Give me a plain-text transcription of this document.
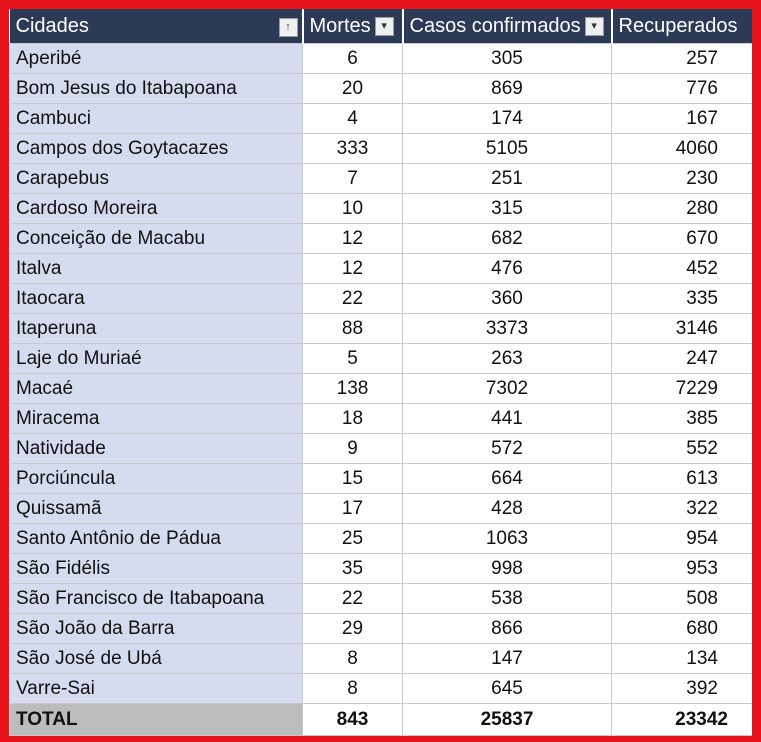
Cidades ↑	Mortes ▾	Casos confirmados ▾	Recuperados
Aperibé	6	305	257
Bom Jesus do Itabapoana	20	869	776
Cambuci	4	174	167
Campos dos Goytacazes	333	5105	4060
Carapebus	7	251	230
Cardoso Moreira	10	315	280
Conceição de Macabu	12	682	670
Italva	12	476	452
Itaocara	22	360	335
Itaperuna	88	3373	3146
Laje do Muriaé	5	263	247
Macaé	138	7302	7229
Miracema	18	441	385
Natividade	9	572	552
Porciúncula	15	664	613
Quissamã	17	428	322
Santo Antônio de Pádua	25	1063	954
São Fidélis	35	998	953
São Francisco de Itabapoana	22	538	508
São João da Barra	29	866	680
São José de Ubá	8	147	134
Varre-Sai	8	645	392
TOTAL	843	25837	23342
